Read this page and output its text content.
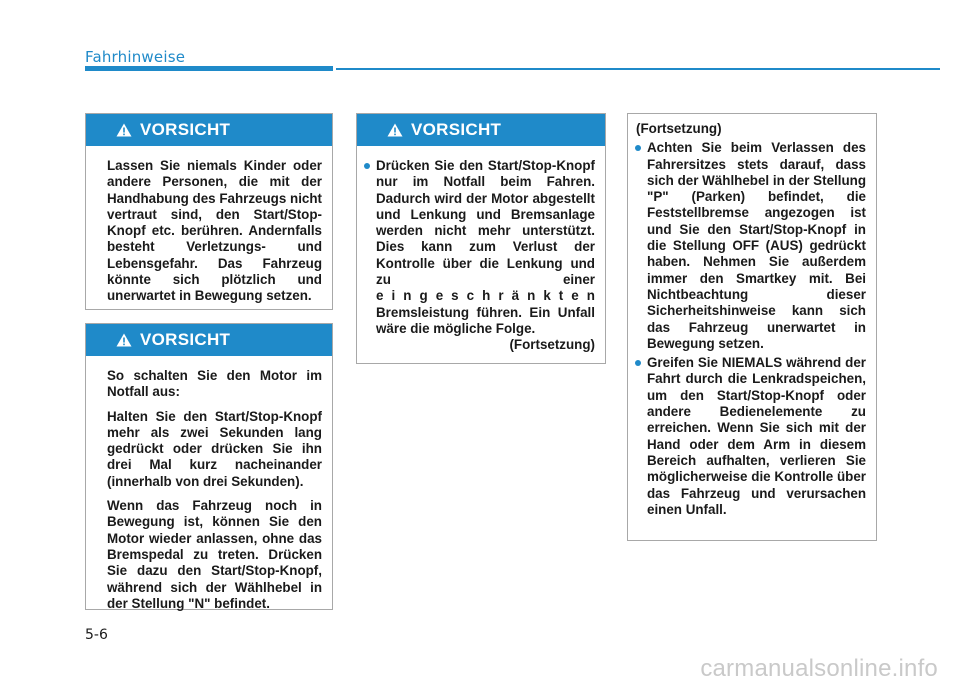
Fahrhinweise
VORSICHT

Lassen Sie niemals Kinder oder andere Personen, die mit der Handhabung des Fahrzeugs nicht vertraut sind, den Start/Stop-Knopf etc. berühren. Andernfalls besteht Verletzungs- und Lebensgefahr. Das Fahrzeug könnte sich plötzlich und unerwartet in Bewegung setzen.

VORSICHT

So schalten Sie den Motor im Notfall aus:

Halten Sie den Start/Stop-Knopf mehr als zwei Sekunden lang gedrückt oder drücken Sie ihn drei Mal kurz nacheinander (innerhalb von drei Sekunden).

Wenn das Fahrzeug noch in Bewegung ist, können Sie den Motor wieder anlassen, ohne das Bremspedal zu treten. Drücken Sie dazu den Start/Stop-Knopf, während sich der Wählhebel in der Stellung "N" befindet.

VORSICHT
Drücken Sie den Start/Stop-Knopf nur im Notfall beim Fahren. Dadurch wird der Motor abgestellt und Lenkung und Bremsanlage werden nicht mehr unterstützt. Dies kann zum Verlust der Kontrolle über die Lenkung und zu einer
e i n g e s c h r ä n k t e n
Bremsleistung führen. Ein Unfall wäre die mögliche Folge.
(Fortsetzung)
(Fortsetzung)

Achten Sie beim Verlassen des Fahrersitzes stets darauf, dass sich der Wählhebel in der Stellung "P" (Parken) befindet, die Feststellbremse angezogen ist und Sie den Start/Stop-Knopf in die Stellung OFF (AUS) gedrückt haben. Nehmen Sie außerdem immer den Smartkey mit. Bei Nichtbeachtung dieser Sicherheitshinweise kann sich das Fahrzeug unerwartet in Bewegung setzen.

Greifen Sie NIEMALS während der Fahrt durch die Lenkradspeichen, um den Start/Stop-Knopf oder andere Bedienelemente zu erreichen. Wenn Sie sich mit der Hand oder dem Arm in diesem Bereich aufhalten, verlieren Sie möglicherweise die Kontrolle über das Fahrzeug und verursachen einen Unfall.

5-6
carmanualsonline.info
